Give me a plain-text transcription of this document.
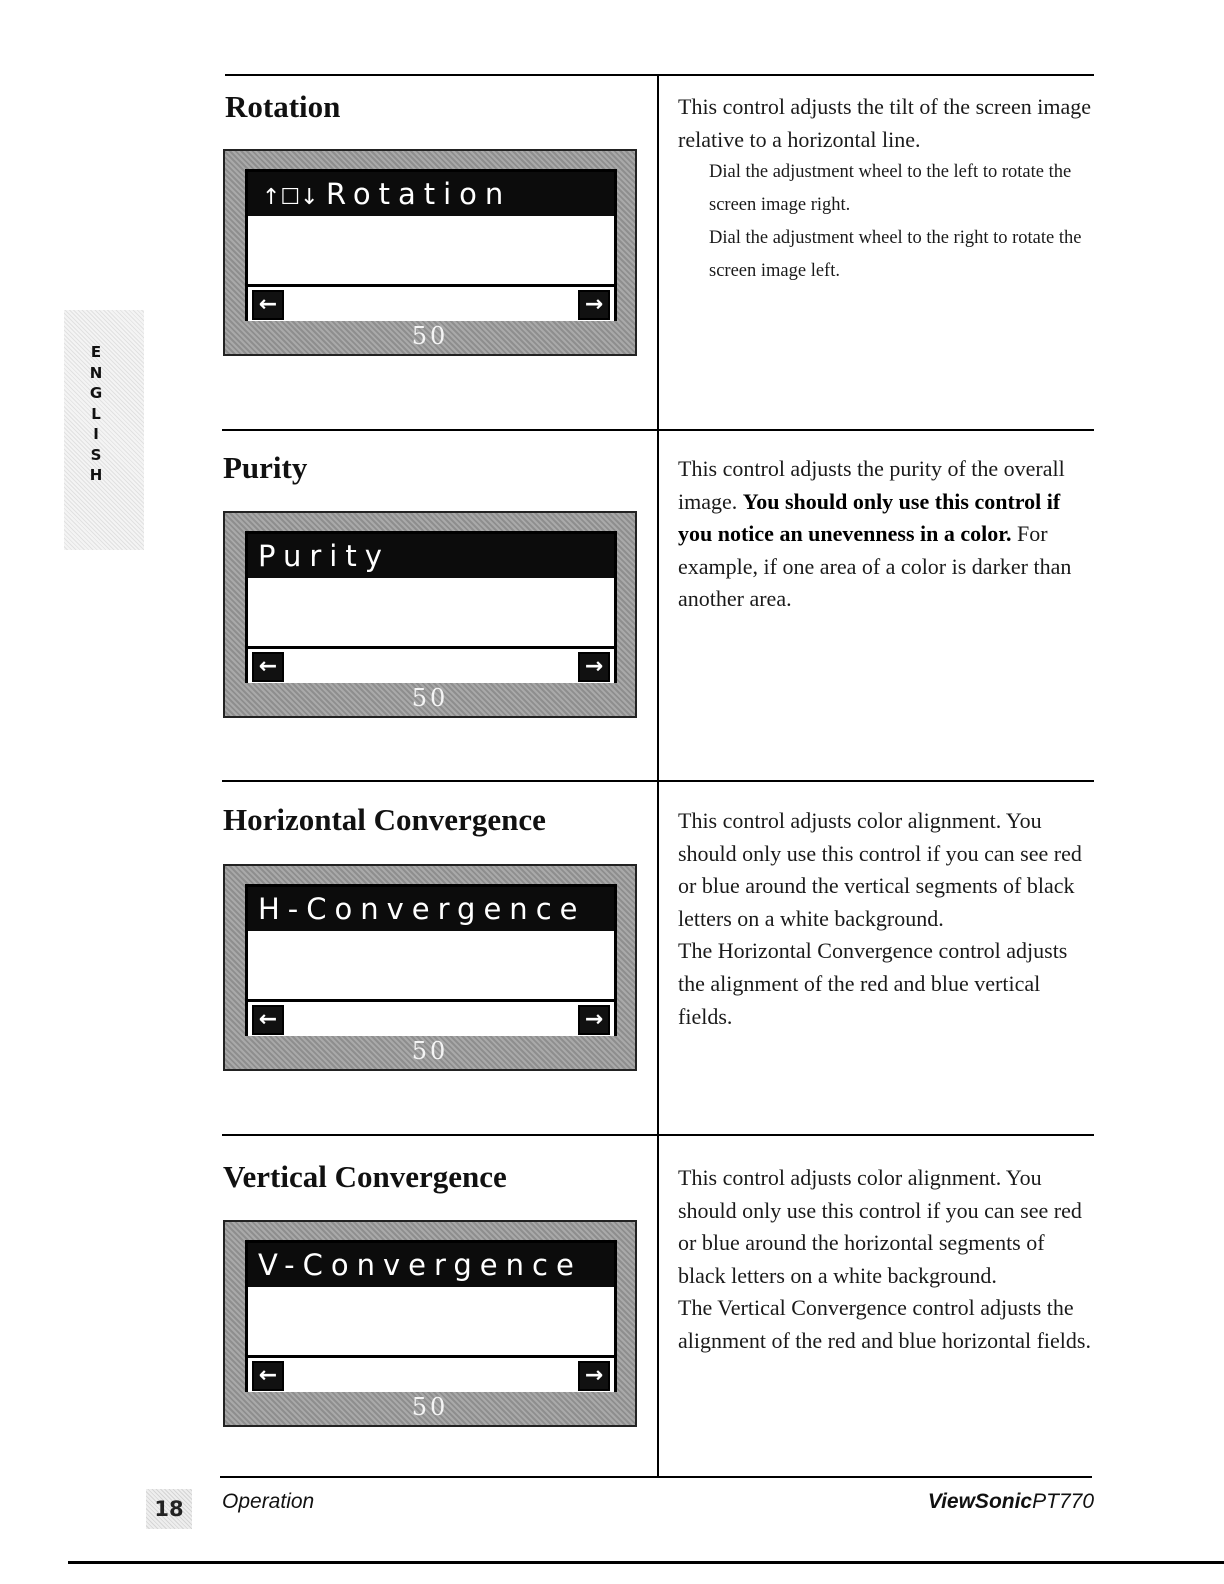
E
N
G
L
I
S
H
Rotation
↑☐↓ Rotation
←	→
50

This control adjusts the tilt of the screen image relative to a horizontal line.

Dial the adjustment wheel to the left to rotate the screen image right.

Dial the adjustment wheel to the right to rotate the screen image left.

Purity
Purity
←	→
50

This control adjusts the purity of the overall image. You should only use this control if you notice an unevenness in a color. For example, if one area of a color is darker than another area.

Horizontal Convergence
H-Convergence
←	→
50

This control adjusts color alignment. You should only use this control if you can see red or blue around the vertical segments of black letters on a white background.

The Horizontal Convergence control adjusts the alignment of the red and blue vertical fields.

Vertical Convergence
V-Convergence
←	→
50

This control adjusts color alignment. You should only use this control if you can see red or blue around the horizontal segments of black letters on a white background.

The Vertical Convergence control adjusts the alignment of the red and blue horizontal fields.

18	Operation	ViewSonicPT770
